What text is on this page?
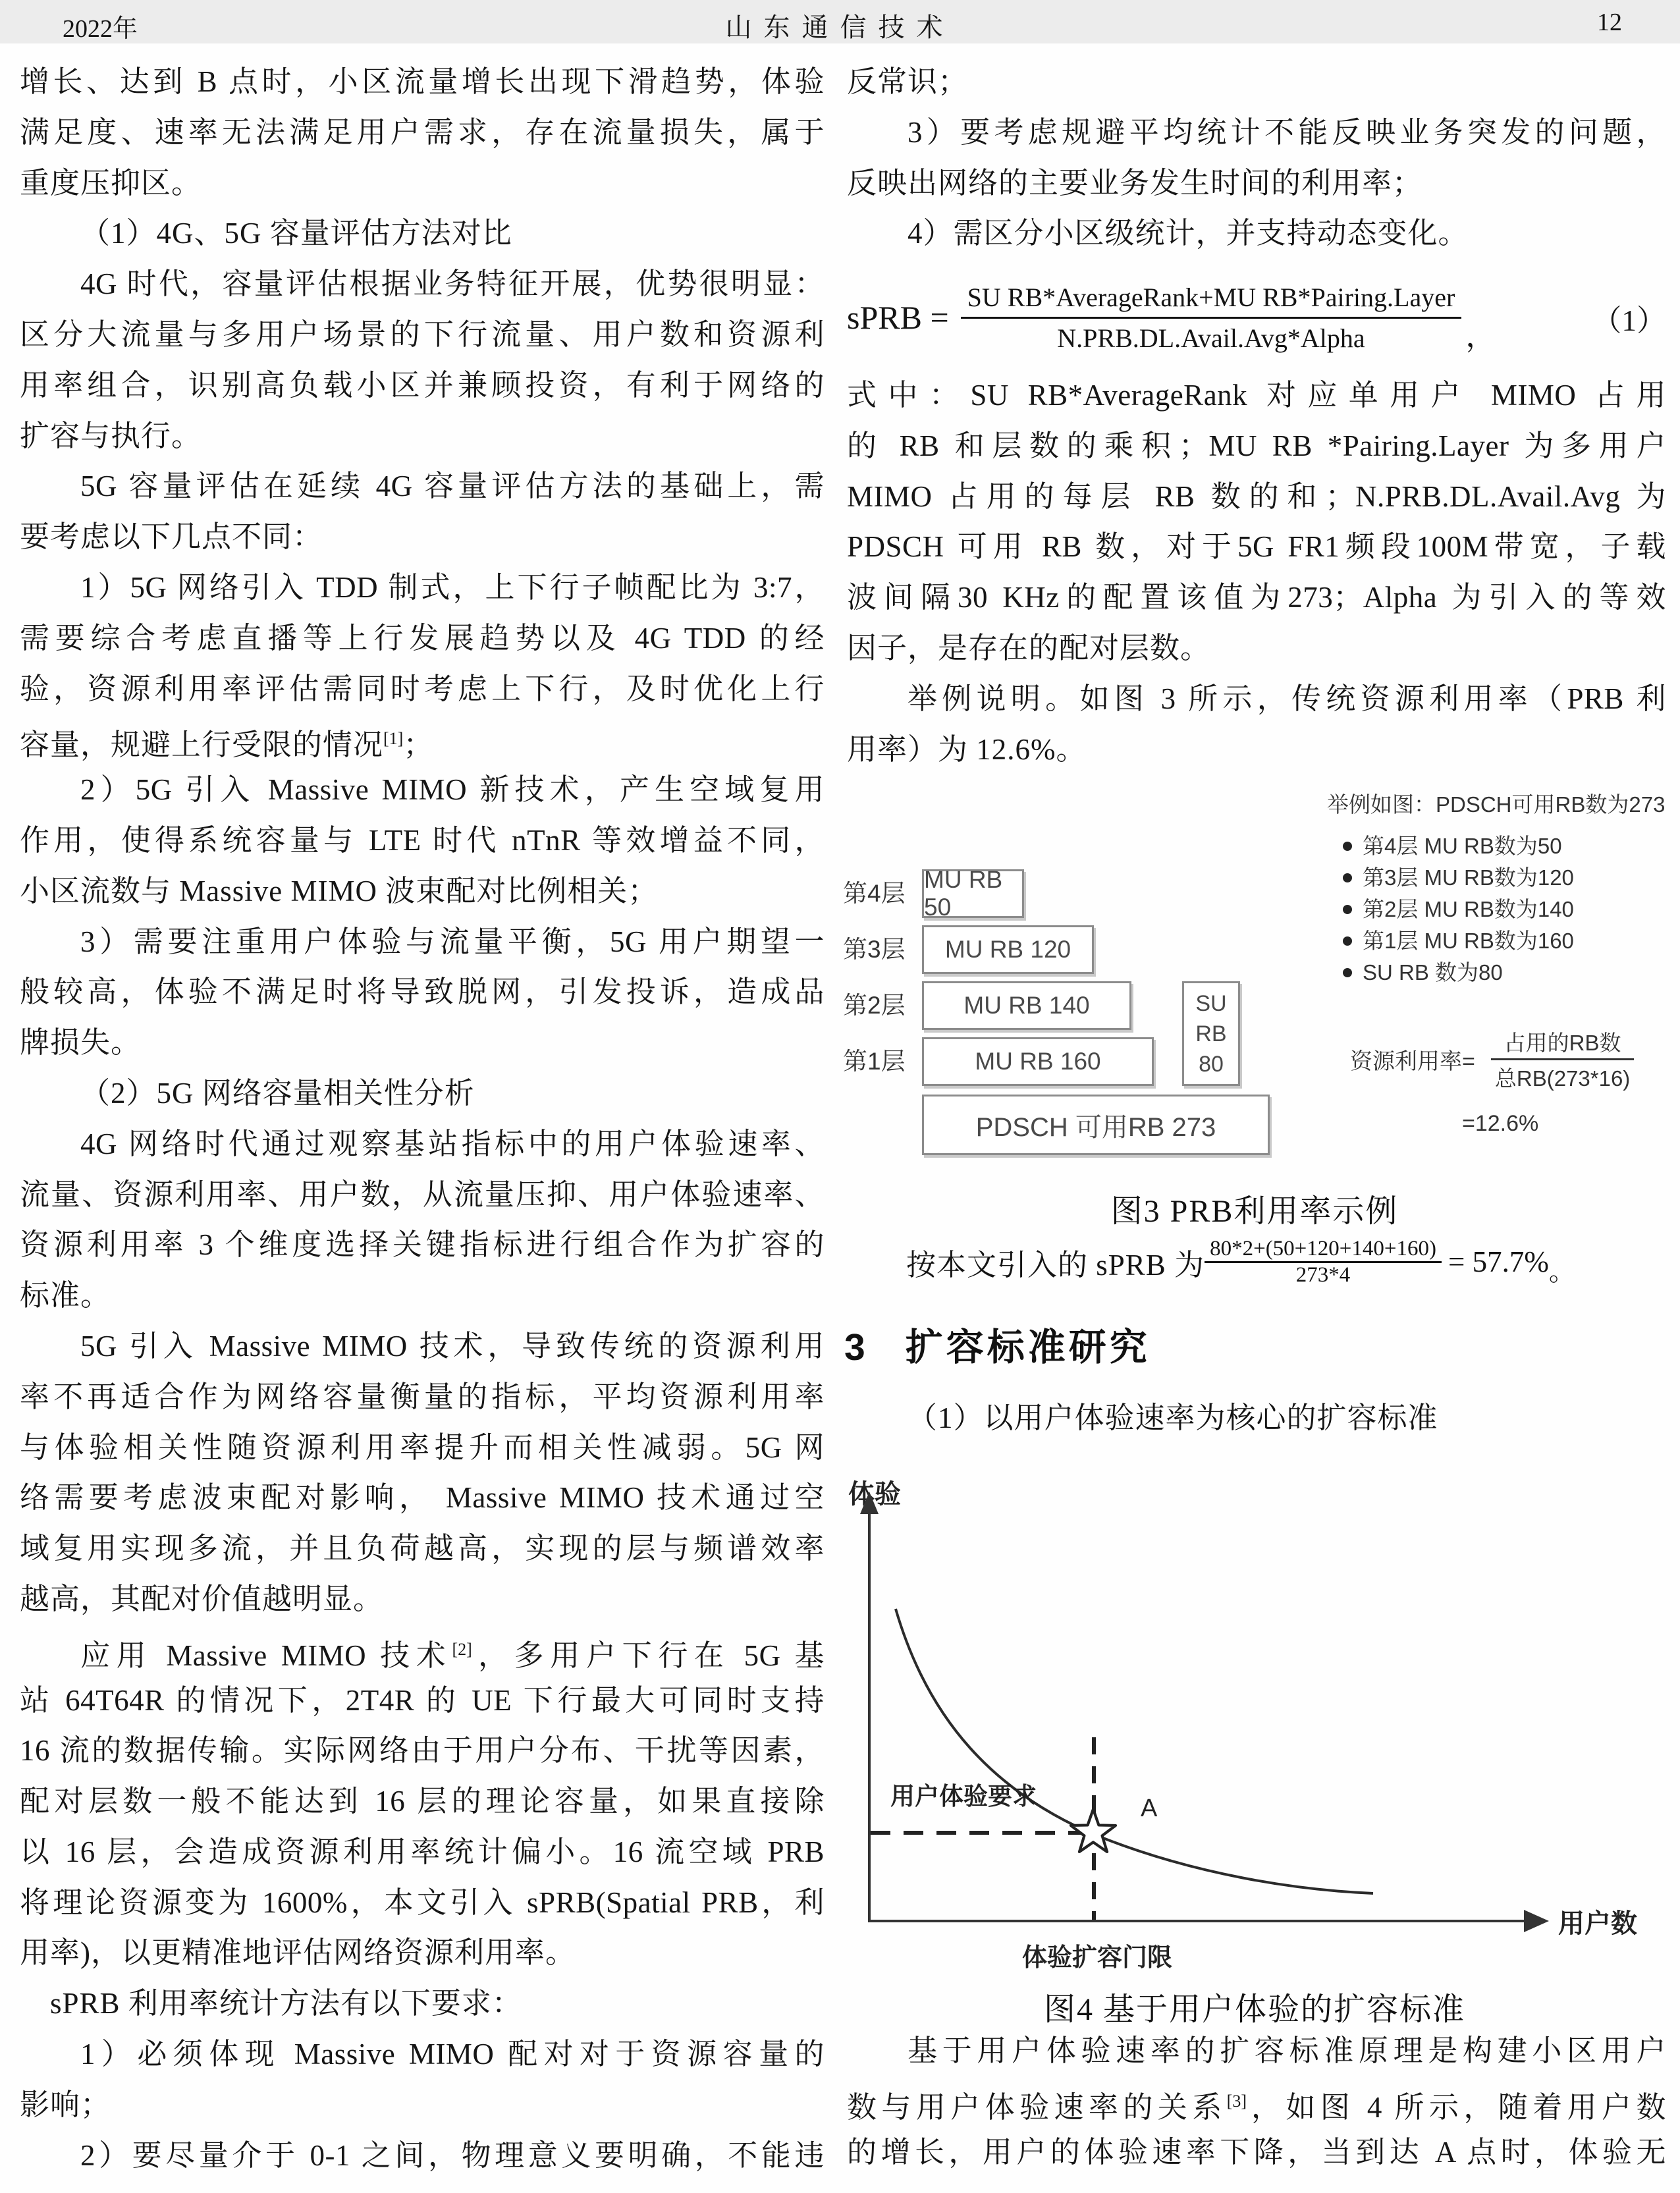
2022年	山东通信技术	12
增长、达到 B 点时，小区流量增长出现下滑趋势，体验
满足度、速率无法满足用户需求，存在流量损失，属于
重度压抑区。
（1）4G、5G 容量评估方法对比
4G 时代，容量评估根据业务特征开展，优势很明显：
区分大流量与多用户场景的下行流量、用户数和资源利
用率组合，识别高负载小区并兼顾投资，有利于网络的
扩容与执行。
5G 容量评估在延续 4G 容量评估方法的基础上，需
要考虑以下几点不同：
1）5G 网络引入 TDD 制式，上下行子帧配比为 3:7，
需要综合考虑直播等上行发展趋势以及 4G TDD 的经
验，资源利用率评估需同时考虑上下行，及时优化上行
容量，规避上行受限的情况[1]；
2）5G 引入 Massive MIMO 新技术，产生空域复用
作用，使得系统容量与 LTE 时代 nTnR 等效增益不同，
小区流数与 Massive MIMO 波束配对比例相关；
3）需要注重用户体验与流量平衡，5G 用户期望一
般较高，体验不满足时将导致脱网，引发投诉，造成品
牌损失。
（2）5G 网络容量相关性分析
4G 网络时代通过观察基站指标中的用户体验速率、
流量、资源利用率、用户数，从流量压抑、用户体验速率、
资源利用率 3 个维度选择关键指标进行组合作为扩容的
标准。
5G 引入 Massive MIMO 技术，导致传统的资源利用
率不再适合作为网络容量衡量的指标，平均资源利用率
与体验相关性随资源利用率提升而相关性减弱。5G 网
络需要考虑波束配对影响， Massive MIMO 技术通过空
域复用实现多流，并且负荷越高，实现的层与频谱效率
越高，其配对价值越明显。
应用 Massive MIMO 技术[2]，多用户下行在 5G 基
站 64T64R 的情况下，2T4R 的 UE 下行最大可同时支持
16 流的数据传输。实际网络由于用户分布、干扰等因素，
配对层数一般不能达到 16 层的理论容量，如果直接除
以 16 层，会造成资源利用率统计偏小。16 流空域 PRB
将理论资源变为 1600%，本文引入 sPRB(Spatial PRB，利
用率)，以更精准地评估网络资源利用率。
sPRB 利用率统计方法有以下要求：
1）必须体现 Massive MIMO 配对对于资源容量的
影响；
2）要尽量介于 0-1 之间，物理意义要明确，不能违
反常识；
3）要考虑规避平均统计不能反映业务突发的问题，
反映出网络的主要业务发生时间的利用率；
4）需区分小区级统计，并支持动态变化。
sPRB = $\frac{\text{SU RB*AverageRank+MU RB*Pairing.Layer}}{\text{N.PRB.DL.Avail.Avg*Alpha}}$ ，	（1）
式中：SU RB*AverageRank 对应单用户 MIMO 占用
的 RB 和层数的乘积；MU RB *Pairing.Layer 为多用户
MIMO 占用的每层 RB 数的和；N.PRB.DL.Avail.Avg 为
PDSCH 可用 RB 数，对于5G FR1频段100M带宽，子载
波间隔30 KHz的配置该值为273；Alpha 为引入的等效
因子，是存在的配对层数。
举例说明。如图 3 所示，传统资源利用率（PRB 利
用率）为 12.6%。
第4层
MU RB 50
第3层	MU RB 120
第2层	MU RB 140
第1层	MU RB 160
PDSCH 可用RB 273
SU
RB
80
举例如图：PDSCH可用RB数为273
第4层 MU RB数为50
第3层 MU RB数为120
第2层 MU RB数为140
第1层 MU RB数为160
SU RB 数为80
资源利用率=
占用的RB数
总RB(273*16)
=12.6%
图3 PRB利用率示例
按本文引入的 sPRB 为 $\frac{80*2+(50+120+140+160)}{273*4} = 57.7\%$ 。
3 扩容标准研究
（1）以用户体验速率为核心的扩容标准
体验
用户数
A
用户体验要求
体验扩容门限
图4 基于用户体验的扩容标准
基于用户体验速率的扩容标准原理是构建小区用户
数与用户体验速率的关系[3]，如图 4 所示，随着用户数
的增长，用户的体验速率下降，当到达 A 点时，体验无
